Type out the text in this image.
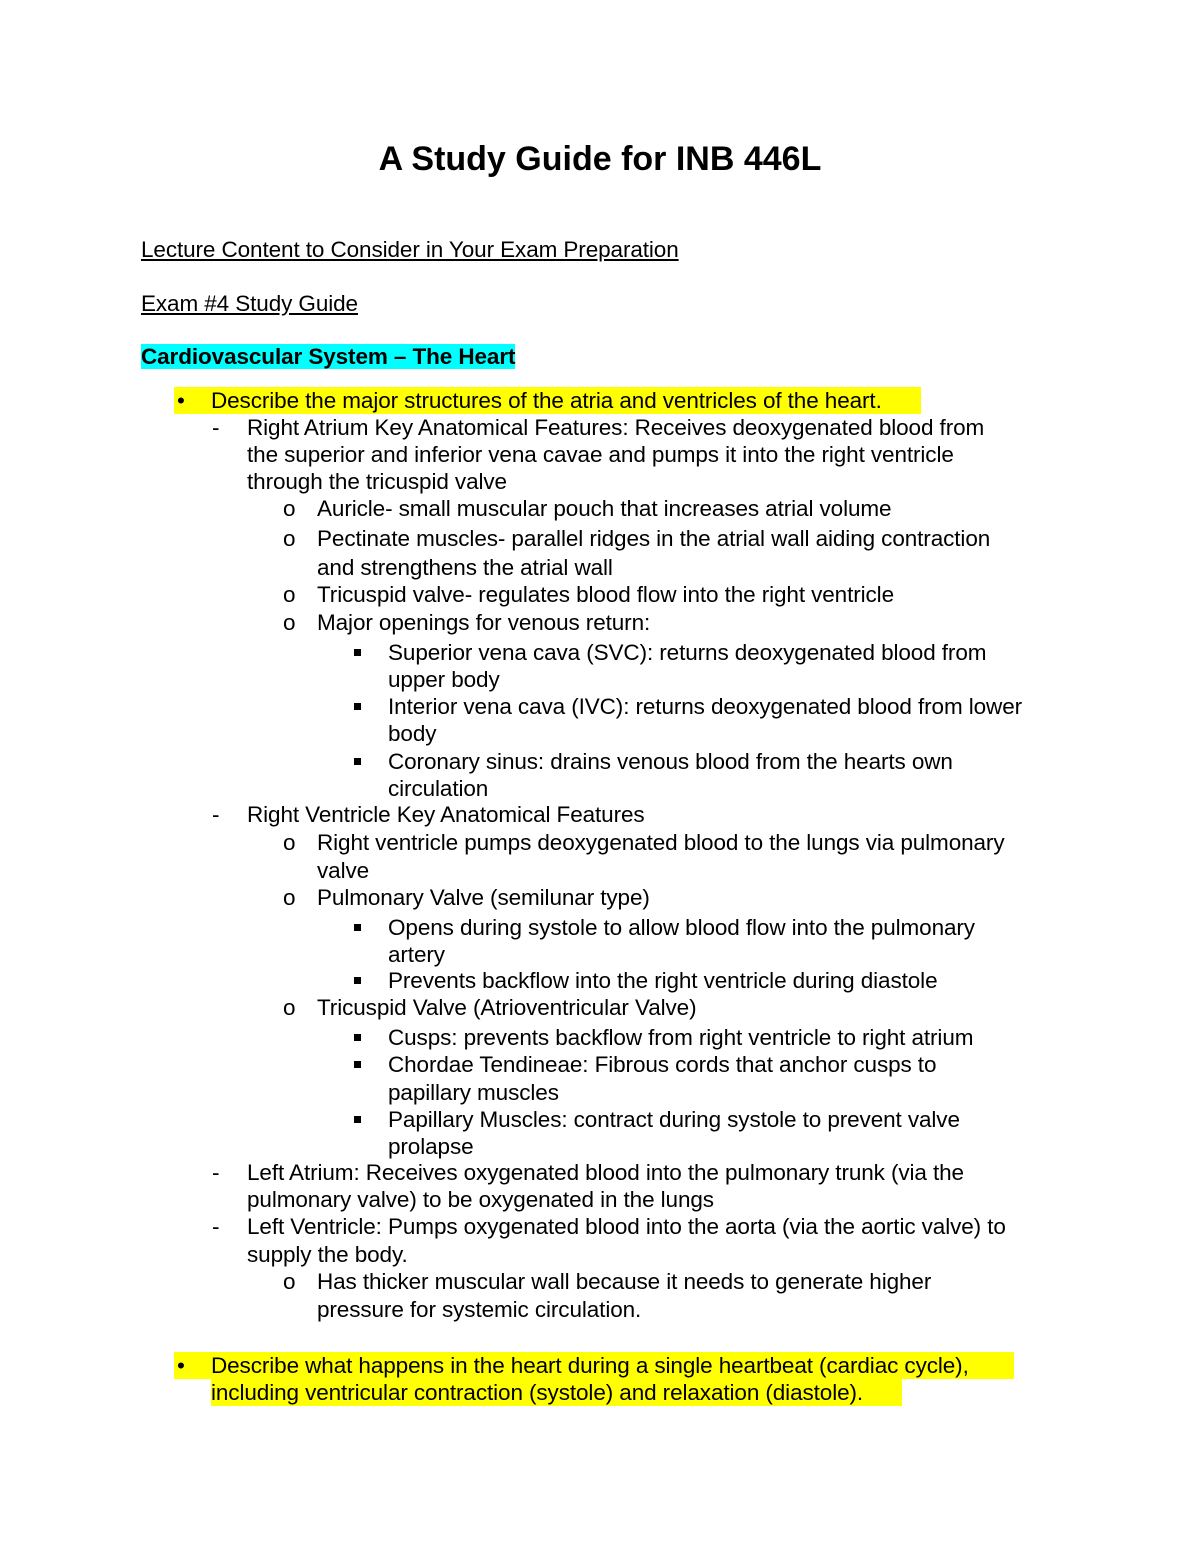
A Study Guide for INB 446L
Lecture Content to Consider in Your Exam Preparation
Exam #4 Study Guide
Cardiovascular System – The Heart
• Describe the major structures of the atria and ventricles of the heart.
- Right Atrium Key Anatomical Features: Receives deoxygenated blood from
the superior and inferior vena cavae and pumps it into the right ventricle
through the tricuspid valve
o Auricle- small muscular pouch that increases atrial volume
o Pectinate muscles- parallel ridges in the atrial wall aiding contraction
and strengthens the atrial wall
o Tricuspid valve- regulates blood flow into the right ventricle
o Major openings for venous return:
Superior vena cava (SVC): returns deoxygenated blood from
upper body
Interior vena cava (IVC): returns deoxygenated blood from lower
body
Coronary sinus: drains venous blood from the hearts own
circulation
- Right Ventricle Key Anatomical Features
o Right ventricle pumps deoxygenated blood to the lungs via pulmonary
valve
o Pulmonary Valve (semilunar type)
Opens during systole to allow blood flow into the pulmonary
artery
Prevents backflow into the right ventricle during diastole
o Tricuspid Valve (Atrioventricular Valve)
Cusps: prevents backflow from right ventricle to right atrium
Chordae Tendineae: Fibrous cords that anchor cusps to
papillary muscles
Papillary Muscles: contract during systole to prevent valve
prolapse
- Left Atrium: Receives oxygenated blood into the pulmonary trunk (via the
pulmonary valve) to be oxygenated in the lungs
- Left Ventricle: Pumps oxygenated blood into the aorta (via the aortic valve) to
supply the body.
o Has thicker muscular wall because it needs to generate higher
pressure for systemic circulation.
• Describe what happens in the heart during a single heartbeat (cardiac cycle),
including ventricular contraction (systole) and relaxation (diastole).
